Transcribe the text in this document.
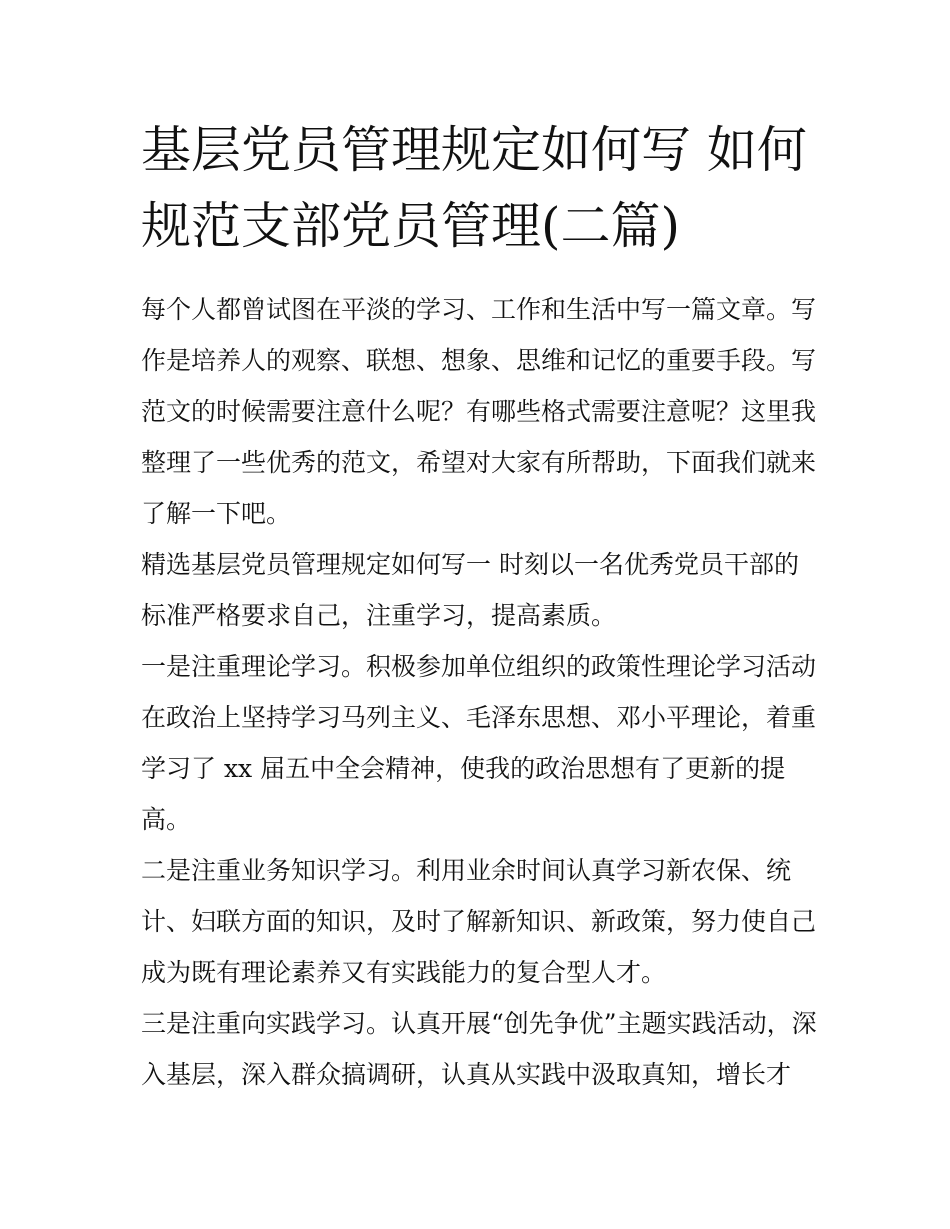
基层党员管理规定如何写 如何
规范支部党员管理(二篇)

每个人都曾试图在平淡的学习、工作和生活中写一篇文章。写
作是培养人的观察、联想、想象、思维和记忆的重要手段。写
范文的时候需要注意什么呢？有哪些格式需要注意呢？这里我
整理了一些优秀的范文，希望对大家有所帮助，下面我们就来
了解一下吧。

精选基层党员管理规定如何写一 时刻以一名优秀党员干部的
标准严格要求自己，注重学习，提高素质。

一是注重理论学习。积极参加单位组织的政策性理论学习活动
在政治上坚持学习马列主义、毛泽东思想、邓小平理论，着重
学习了 xx 届五中全会精神，使我的政治思想有了更新的提
高。

二是注重业务知识学习。利用业余时间认真学习新农保、统
计、妇联方面的知识，及时了解新知识、新政策，努力使自己
成为既有理论素养又有实践能力的复合型人才。

三是注重向实践学习。认真开展“创先争优”主题实践活动，深
入基层，深入群众搞调研，认真从实践中汲取真知，增长才
